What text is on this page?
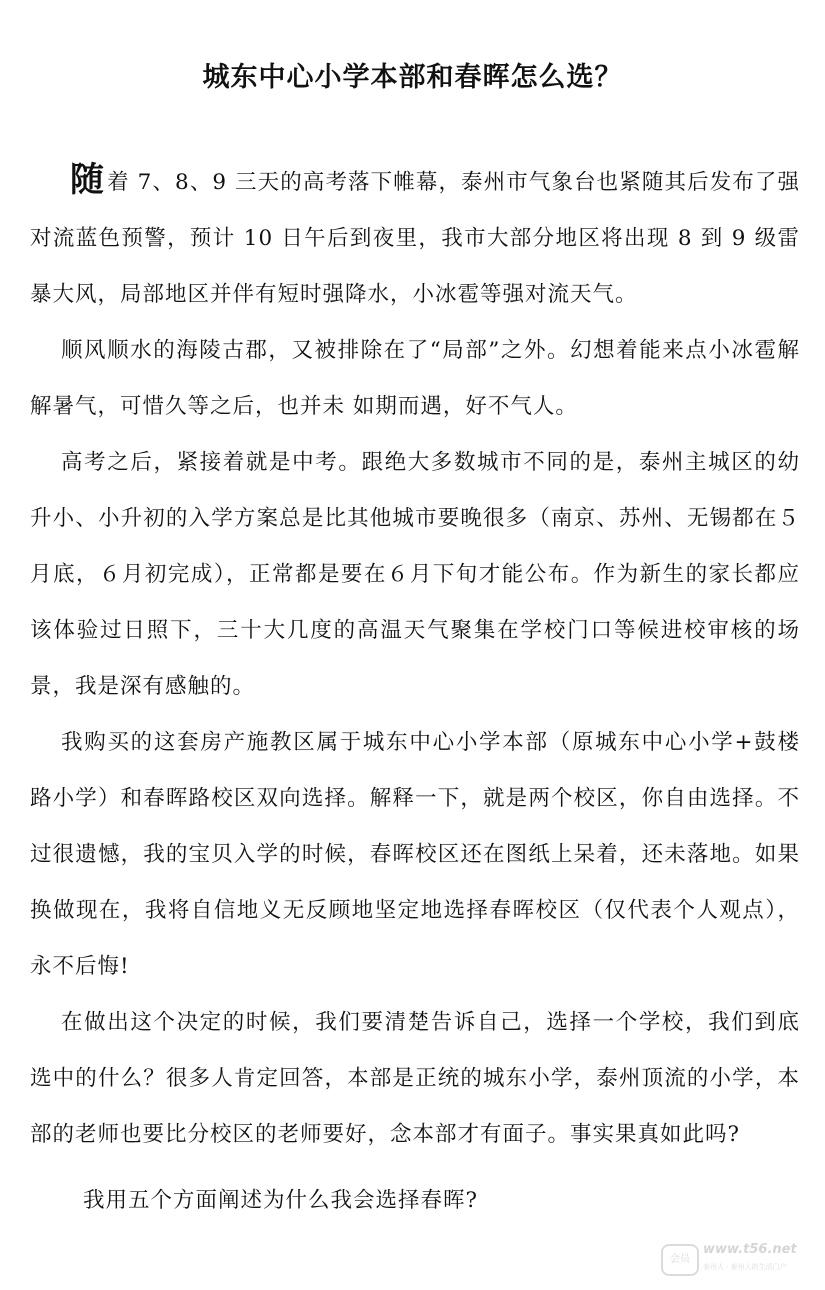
城东中心小学本部和春晖怎么选？

随着 7、8、9 三天的高考落下帷幕，泰州市气象台也紧随其后发布了强对流蓝色预警，预计 10 日午后到夜里，我市大部分地区将出现 8 到 9 级雷暴大风，局部地区并伴有短时强降水，小冰雹等强对流天气。

顺风顺水的海陵古郡，又被排除在了“局部”之外。幻想着能来点小冰雹解解暑气，可惜久等之后，也并未 如期而遇，好不气人。

高考之后，紧接着就是中考。跟绝大多数城市不同的是，泰州主城区的幼升小、小升初的入学方案总是比其他城市要晚很多（南京、苏州、无锡都在５月底，６月初完成），正常都是要在６月下旬才能公布。作为新生的家长都应该体验过日照下，三十大几度的高温天气聚集在学校门口等候进校审核的场景，我是深有感触的。

我购买的这套房产施教区属于城东中心小学本部（原城东中心小学+鼓楼路小学）和春晖路校区双向选择。解释一下，就是两个校区，你自由选择。不过很遗憾，我的宝贝入学的时候，春晖校区还在图纸上呆着，还未落地。如果换做现在，我将自信地义无反顾地坚定地选择春晖校区（仅代表个人观点），永不后悔!

在做出这个决定的时候，我们要清楚告诉自己，选择一个学校，我们到底选中的什么？很多人肯定回答，本部是正统的城东小学，泰州顶流的小学，本部的老师也要比分校区的老师要好，念本部才有面子。事实果真如此吗?

我用五个方面阐述为什么我会选择春晖?

会员
www.t56.net
泰州人 · 泰州人的生活门户
